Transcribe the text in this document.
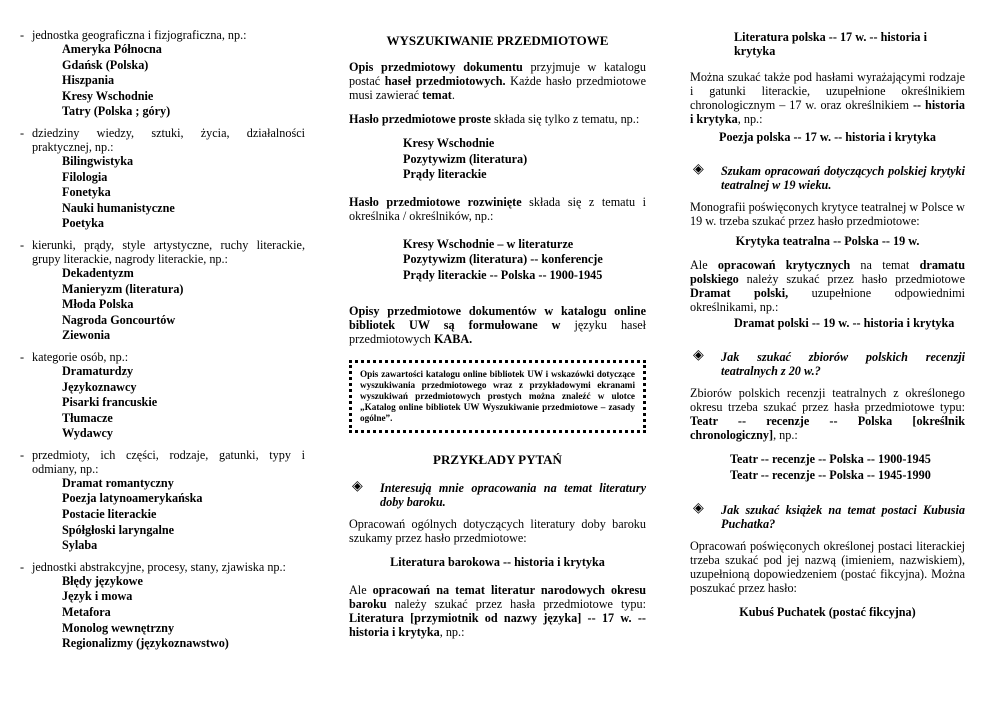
- jednostka geograficzna i fizjograficzna, np.:
Ameryka Północna
Gdańsk (Polska)
Hiszpania
Kresy Wschodnie
Tatry (Polska ; góry)
- dziedziny wiedzy, sztuki, życia, działalności praktycznej, np.:
Bilingwistyka
Filologia
Fonetyka
Nauki humanistyczne
Poetyka
- kierunki, prądy, style artystyczne, ruchy literackie, grupy literackie, nagrody literackie, np.:
Dekadentyzm
Manieryzm (literatura)
Młoda Polska
Nagroda Goncourtów
Ziewonia
- kategorie osób, np.:
Dramaturdzy
Językoznawcy
Pisarki francuskie
Tłumacze
Wydawcy
- przedmioty, ich części, rodzaje, gatunki, typy i odmiany, np.:
Dramat romantyczny
Poezja latynoamerykańska
Postacie literackie
Spółgłoski laryngalne
Sylaba
- jednostki abstrakcyjne, procesy, stany, zjawiska np.:
Błędy językowe
Język i mowa
Metafora
Monolog wewnętrzny
Regionalizmy (językoznawstwo)
WYSZUKIWANIE PRZEDMIOTOWE
Opis przedmiotowy dokumentu przyjmuje w katalogu postać haseł przedmiotowych. Każde hasło przedmiotowe musi zawierać temat.
Hasło przedmiotowe proste składa się tylko z tematu, np.:
Kresy Wschodnie
Pozytywizm (literatura)
Prądy literackie
Hasło przedmiotowe rozwinięte składa się z tematu i określnika / określników, np.:
Kresy Wschodnie – w literaturze
Pozytywizm (literatura) -- konferencje
Prądy literackie -- Polska -- 1900-1945
Opisy przedmiotowe dokumentów w katalogu online bibliotek UW są formułowane w języku haseł przedmiotowych KABA.
Opis zawartości katalogu online bibliotek UW i wskazówki dotyczące wyszukiwania przedmiotowego wraz z przykładowymi ekranami wyszukiwań przedmiotowych prostych można znaleźć w ulotce „Katalog online bibliotek UW Wyszukiwanie przedmiotowe – zasady ogólne”.
PRZYKŁADY PYTAŃ
◈ Interesują mnie opracowania na temat literatury doby baroku.
Opracowań ogólnych dotyczących literatury doby baroku szukamy przez hasło przedmiotowe:
Literatura barokowa -- historia i krytyka
Ale opracowań na temat literatur narodowych okresu baroku należy szukać przez hasła przedmiotowe typu: Literatura [przymiotnik od nazwy języka] -- 17 w. -- historia i krytyka, np.:
Literatura polska -- 17 w. -- historia i krytyka
Można szukać także pod hasłami wyrażającymi rodzaje i gatunki literackie, uzupełnione określnikiem chronologicznym – 17 w. oraz określnikiem -- historia i krytyka, np.:
Poezja polska -- 17 w. -- historia i krytyka
◈ Szukam opracowań dotyczących polskiej krytyki teatralnej w 19 wieku.
Monografii poświęconych krytyce teatralnej w Polsce w 19 w. trzeba szukać przez hasło przedmiotowe:
Krytyka teatralna -- Polska -- 19 w.
Ale opracowań krytycznych na temat dramatu polskiego należy szukać przez hasło przedmiotowe Dramat polski, uzupełnione odpowiednimi określnikami, np.:
Dramat polski -- 19 w. -- historia i krytyka
◈ Jak szukać zbiorów polskich recenzji teatralnych z 20 w.?
Zbiorów polskich recenzji teatralnych z określonego okresu trzeba szukać przez hasła przedmiotowe typu: Teatr -- recenzje -- Polska [określnik chronologiczny], np.:
Teatr -- recenzje -- Polska -- 1900-1945
Teatr -- recenzje -- Polska -- 1945-1990
◈ Jak szukać książek na temat postaci Kubusia Puchatka?
Opracowań poświęconych określonej postaci literackiej trzeba szukać pod jej nazwą (imieniem, nazwiskiem), uzupełnioną dopowiedzeniem (postać fikcyjna). Można poszukać przez hasło:
Kubuś Puchatek (postać fikcyjna)
